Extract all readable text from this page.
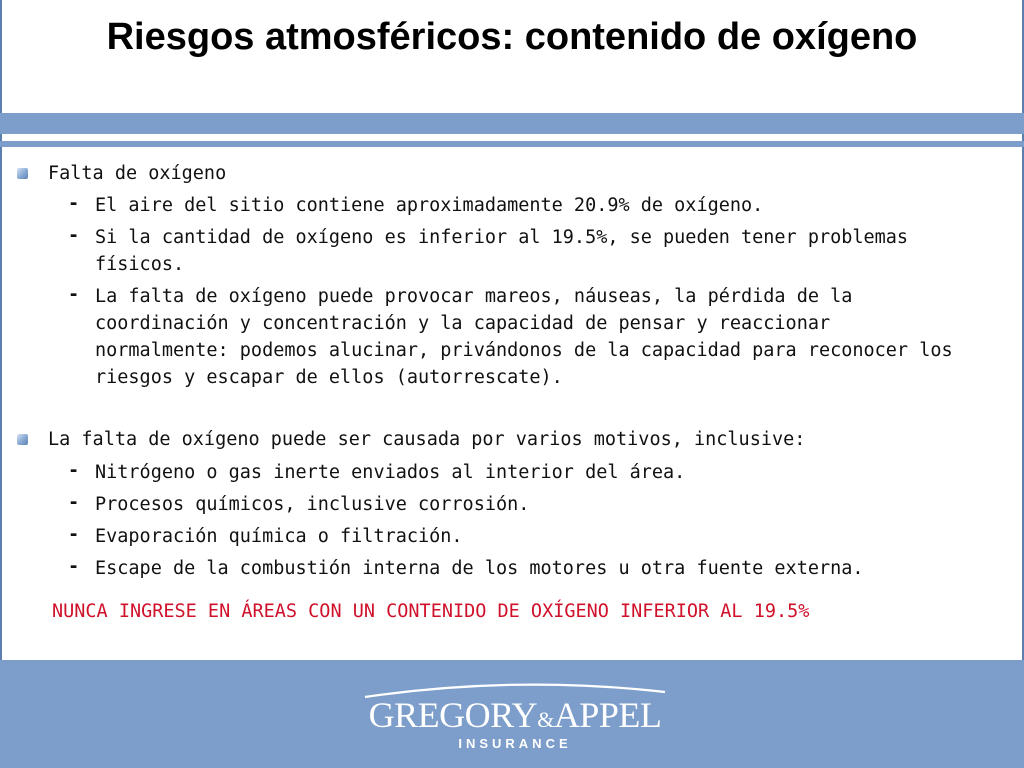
Riesgos atmosféricos: contenido de oxígeno
Falta de oxígeno
- El aire del sitio contiene aproximadamente 20.9% de oxígeno.
- Si la cantidad de oxígeno es inferior al 19.5%, se pueden tener problemas físicos.
- La falta de oxígeno puede provocar mareos, náuseas, la pérdida de la coordinación y concentración y la capacidad de pensar y reaccionar normalmente: podemos alucinar, privándonos de la capacidad para reconocer los riesgos y escapar de ellos (autorrescate).
La falta de oxígeno puede ser causada por varios motivos, inclusive:
- Nitrógeno o gas inerte enviados al interior del área.
- Procesos químicos, inclusive corrosión.
- Evaporación química o filtración.
- Escape de la combustión interna de los motores u otra fuente externa.
NUNCA INGRESE EN ÁREAS CON UN CONTENIDO DE OXÍGENO INFERIOR AL 19.5%
GREGORY&APPEL
INSURANCE
